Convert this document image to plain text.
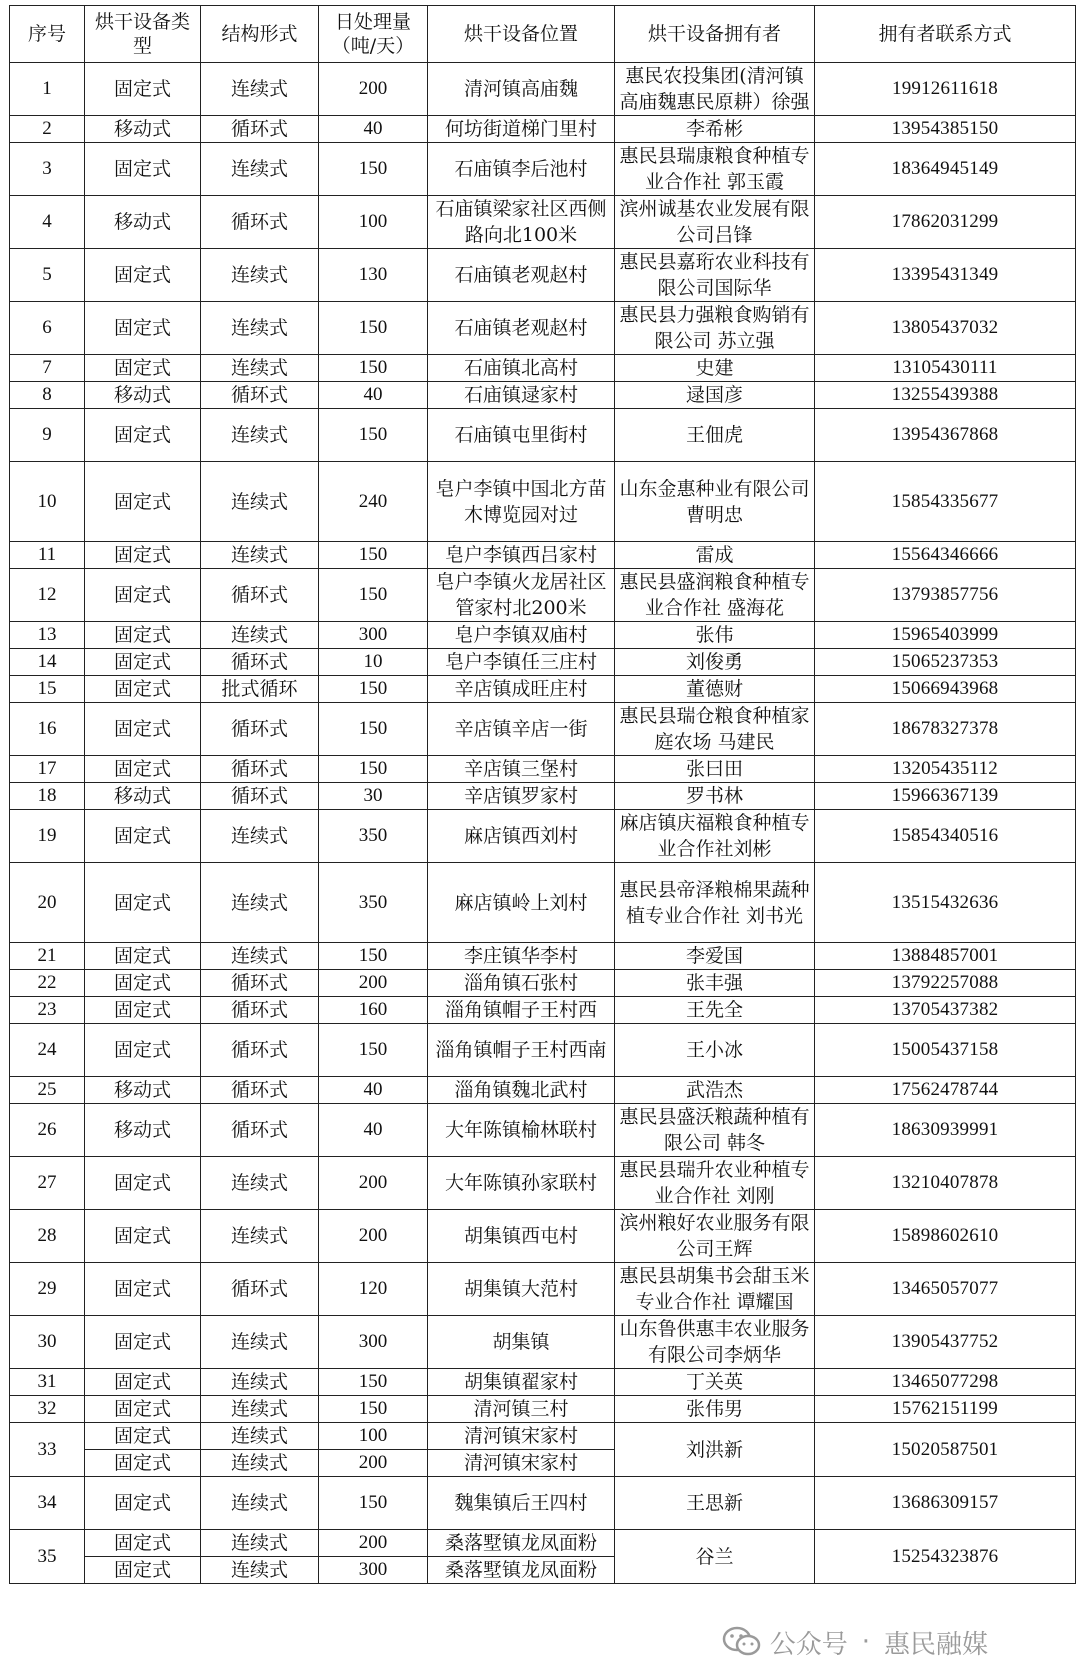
序号	烘干设备类型	结构形式	日处理量（吨/天）	烘干设备位置	烘干设备拥有者	拥有者联系方式
1	固定式	连续式	200	清河镇高庙魏	惠民农投集团(清河镇高庙魏惠民原耕）徐强	19912611618
2	移动式	循环式	40	何坊街道梯门里村	李希彬	13954385150
3	固定式	连续式	150	石庙镇李后池村	惠民县瑞康粮食种植专业合作社 郭玉霞	18364945149
4	移动式	循环式	100	石庙镇梁家社区西侧路向北100米	滨州诚基农业发展有限公司吕锋	17862031299
5	固定式	连续式	130	石庙镇老观赵村	惠民县嘉珩农业科技有限公司国际华	13395431349
6	固定式	连续式	150	石庙镇老观赵村	惠民县力强粮食购销有限公司 苏立强	13805437032
7	固定式	连续式	150	石庙镇北高村	史建	13105430111
8	移动式	循环式	40	石庙镇逯家村	逯国彦	13255439388
9	固定式	连续式	150	石庙镇屯里街村	王佃虎	13954367868
10	固定式	连续式	240	皂户李镇中国北方苗木博览园对过	山东金惠种业有限公司 曹明忠	15854335677
11	固定式	连续式	150	皂户李镇西吕家村	雷成	15564346666
12	固定式	循环式	150	皂户李镇火龙居社区管家村北200米	惠民县盛润粮食种植专业合作社 盛海花	13793857756
13	固定式	连续式	300	皂户李镇双庙村	张伟	15965403999
14	固定式	循环式	10	皂户李镇任三庄村	刘俊勇	15065237353
15	固定式	批式循环	150	辛店镇成旺庄村	董德财	15066943968
16	固定式	循环式	150	辛店镇辛店一街	惠民县瑞仓粮食种植家庭农场 马建民	18678327378
17	固定式	循环式	150	辛店镇三堡村	张曰田	13205435112
18	移动式	循环式	30	辛店镇罗家村	罗书林	15966367139
19	固定式	连续式	350	麻店镇西刘村	麻店镇庆福粮食种植专业合作社刘彬	15854340516
20	固定式	连续式	350	麻店镇岭上刘村	惠民县帝泽粮棉果蔬种植专业合作社 刘书光	13515432636
21	固定式	连续式	150	李庄镇华李村	李爱国	13884857001
22	固定式	循环式	200	淄角镇石张村	张丰强	13792257088
23	固定式	循环式	160	淄角镇帽子王村西	王先全	13705437382
24	固定式	循环式	150	淄角镇帽子王村西南	王小冰	15005437158
25	移动式	循环式	40	淄角镇魏北武村	武浩杰	17562478744
26	移动式	循环式	40	大年陈镇榆林联村	惠民县盛沃粮蔬种植有限公司 韩冬	18630939991
27	固定式	连续式	200	大年陈镇孙家联村	惠民县瑞升农业种植专业合作社 刘刚	13210407878
28	固定式	连续式	200	胡集镇西屯村	滨州粮好农业服务有限公司王辉	15898602610
29	固定式	循环式	120	胡集镇大范村	惠民县胡集书会甜玉米专业合作社 谭耀国	13465057077
30	固定式	连续式	300	胡集镇	山东鲁供惠丰农业服务有限公司李炳华	13905437752
31	固定式	连续式	150	胡集镇翟家村	丁关英	13465077298
32	固定式	连续式	150	清河镇三村	张伟男	15762151199
33	固定式	连续式	100	清河镇宋家村	刘洪新	15020587501
	固定式	连续式	200	清河镇宋家村		
34	固定式	连续式	150	魏集镇后王四村	王思新	13686309157
35	固定式	连续式	200	桑落墅镇龙凤面粉	谷兰	15254323876
	固定式	连续式	300	桑落墅镇龙凤面粉		
公众号 · 惠民融媒
